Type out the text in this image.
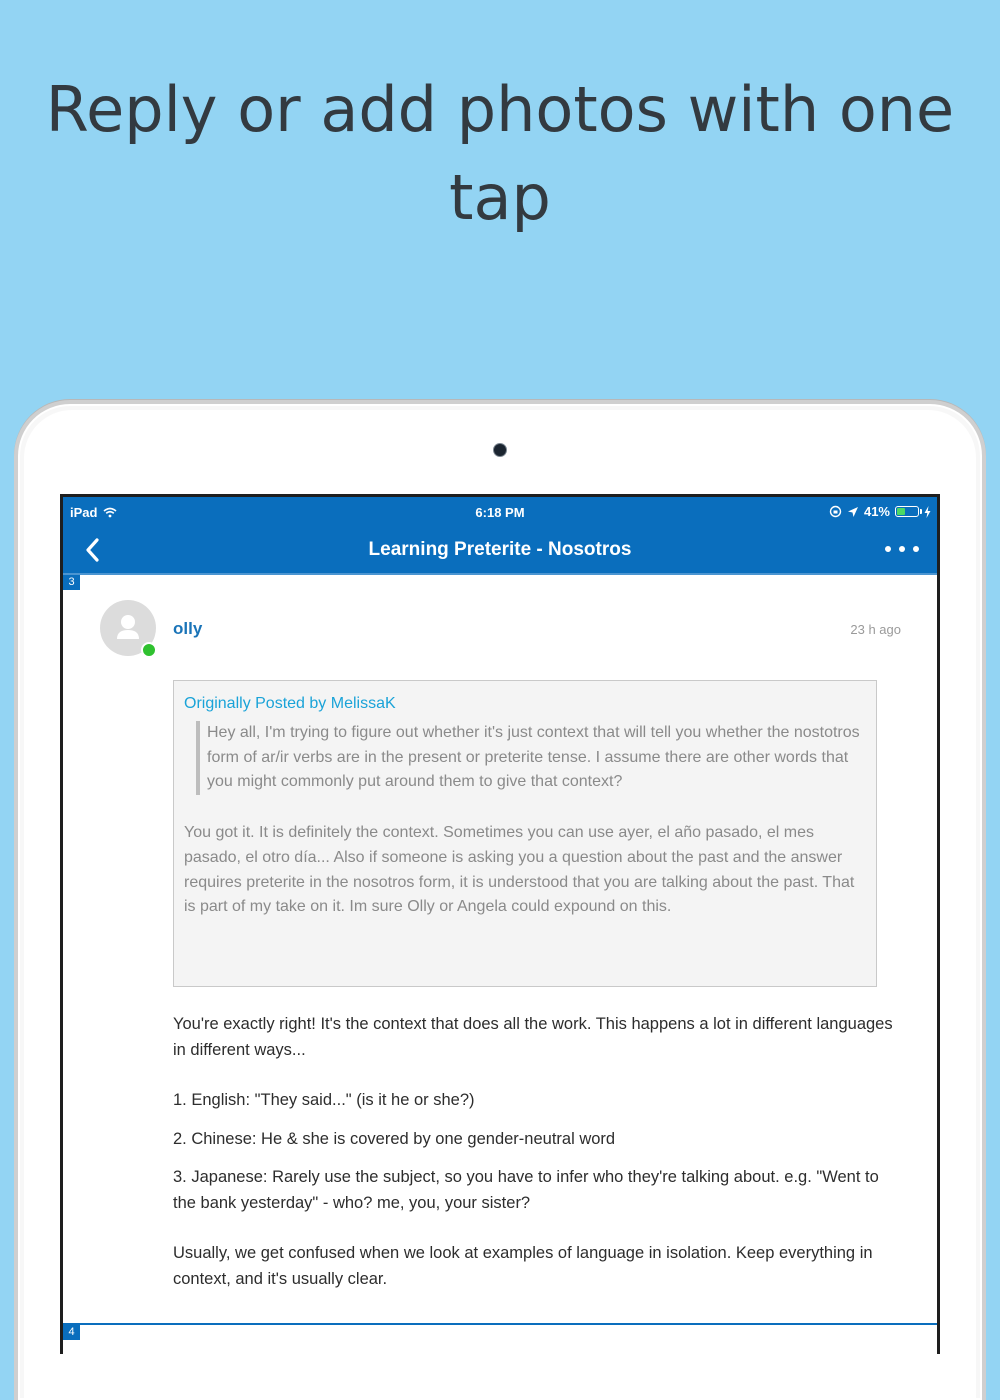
Reply or add photos with one tap
iPad	6:18 PM	41%
Learning Preterite - Nosotros
3
olly	23 h ago
Originally Posted by MelissaK
Hey all, I'm trying to figure out whether it's just context that will tell you whether the nostotros form of ar/ir verbs are in the present or preterite tense. I assume there are other words that you might commonly put around them to give that context?
You got it. It is definitely the context. Sometimes you can use ayer, el año pasado, el mes pasado, el otro día... Also if someone is asking you a question about the past and the answer requires preterite in the nosotros form, it is understood that you are talking about the past. That is part of my take on it. Im sure Olly or Angela could expound on this.
You're exactly right! It's the context that does all the work. This happens a lot in different languages in different ways...
1. English: "They said..." (is it he or she?)
2. Chinese: He & she is covered by one gender-neutral word
3. Japanese: Rarely use the subject, so you have to infer who they're talking about. e.g. "Went to the bank yesterday" - who? me, you, your sister?
Usually, we get confused when we look at examples of language in isolation. Keep everything in context, and it's usually clear.
4
